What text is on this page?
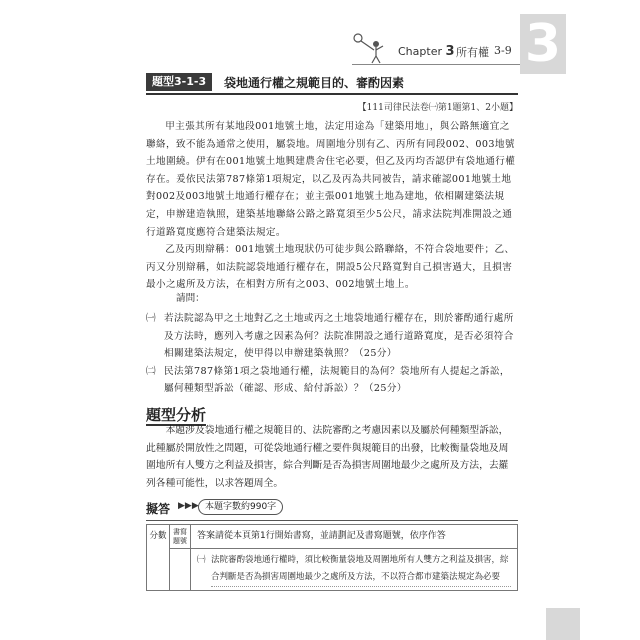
Chapter 3 所有權 3-9 3
題型3-1-3	袋地通行權之規範目的、審酌因素
【111司律民法卷㈠第1題第1、2小題】

甲主張其所有某地段001地號土地，法定用途為「建築用地」，與公路無適宜之聯絡，致不能為通常之使用，屬袋地。周圍地分別有乙、丙所有同段002、003地號土地圍繞。伊有在001地號土地興建農舍住宅必要，但乙及丙均否認伊有袋地通行權存在。爰依民法第787條第1項規定，以乙及丙為共同被告，請求確認001地號土地對002及003地號土地通行權存在；並主張001地號土地為建地，依相關建築法規定，申辦建造執照，建築基地聯絡公路之路寬須至少5公尺，請求法院判准開設之通行道路寬度應符合建築法規定。

乙及丙則辯稱：001地號土地現狀仍可徒步與公路聯絡，不符合袋地要件；乙、丙又分別辯稱，如法院認袋地通行權存在，開設5公尺路寬對自己損害過大，且損害最小之處所及方法，在相對方所有之003、002地號土地上。

請問：
㈠ 若法院認為甲之土地對乙之土地或丙之土地袋地通行權存在，則於審酌通行處所及方法時，應列入考慮之因素為何？法院准開設之通行道路寬度，是否必須符合相關建築法規定，使甲得以申辦建築執照？（25分）
㈡ 民法第787條第1項之袋地通行權，法規範目的為何？袋地所有人提起之訴訟，屬何種類型訴訟（確認、形成、給付訴訟）？（25分）
題型分析

本題涉及袋地通行權之規範目的、法院審酌之考慮因素以及屬於何種類型訴訟，此種屬於開放性之問題，可從袋地通行權之要件與規範目的出發，比較衡量袋地及周圍地所有人雙方之利益及損害，綜合判斷是否為損害周圍地最少之處所及方法，去羅列各種可能性，以求答題周全。

擬答 ▶▶▶ 本題字數約990字
分數	書寫題號	答案請從本頁第1行開始書寫，並請劃記及書寫題號，依序作答

		㈠ 法院審酌袋地通行權時，須比較衡量袋地及周圍地所有人雙方之利益及損害，綜合判斷是否為損害周圍地最少之處所及方法，不以符合都市建築法規定為必要
